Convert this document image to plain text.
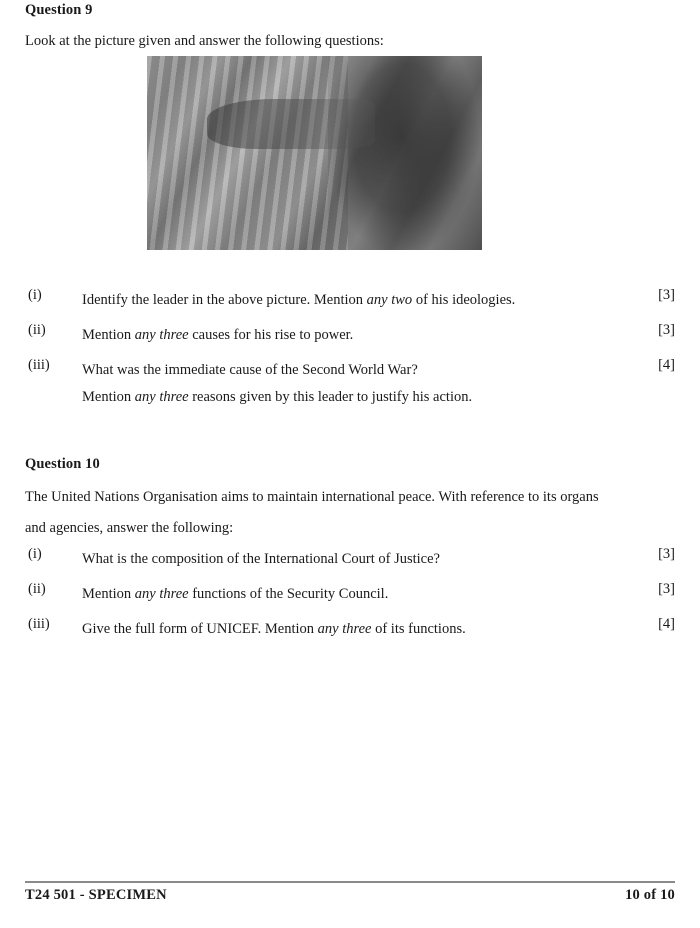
Question 9

Look at the picture given and answer the following questions:

(i)	Identify the leader in the above picture. Mention any two of his ideologies.	[3]
(ii)	Mention any three causes for his rise to power.	[3]
(iii)	What was the immediate cause of the Second World War?
Mention any three reasons given by this leader to justify his action.
[4]
Question 10

The United Nations Organisation aims to maintain international peace. With reference to its organs and agencies, answer the following:

(i)	What is the composition of the International Court of Justice?	[3]
(ii)	Mention any three functions of the Security Council.	[3]
(iii)	Give the full form of UNICEF. Mention any three of its functions.	[4]
T24 501 - SPECIMEN	10 of 10
